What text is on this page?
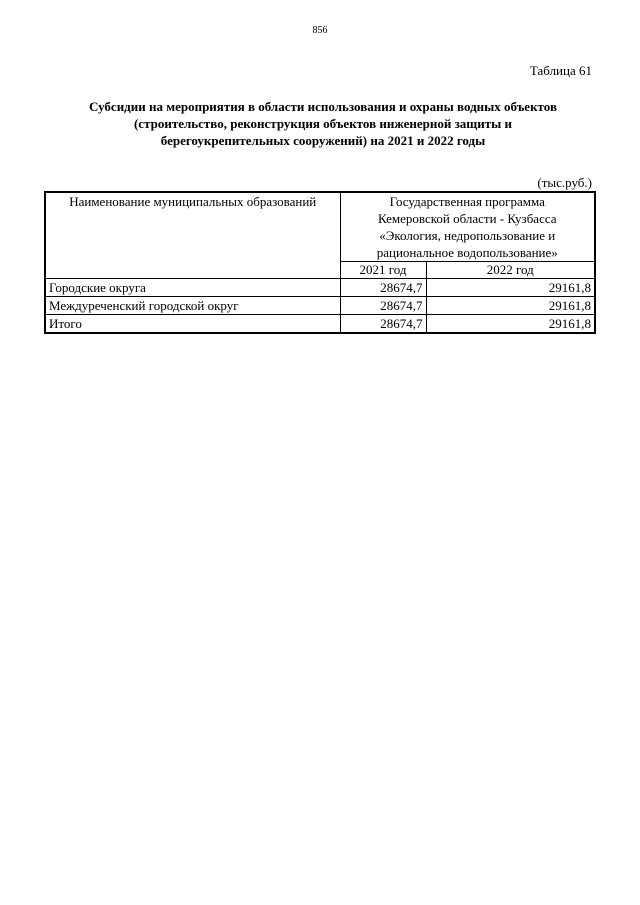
856
Таблица 61
Субсидии на мероприятия в области использования и охраны водных объектов
(строительство, реконструкция объектов инженерной защиты и
берегоукрепительных сооружений) на 2021 и 2022 годы
(тыс.руб.)
Наименование муниципальных образований	Государственная программа
Кемеровской области - Кузбасса
«Экология, недропользование и
рациональное водопользование»	

	2021 год	2022 год
Городские округа	28674,7	29161,8
Междуреченский городской округ	28674,7	29161,8
Итого	28674,7	29161,8
